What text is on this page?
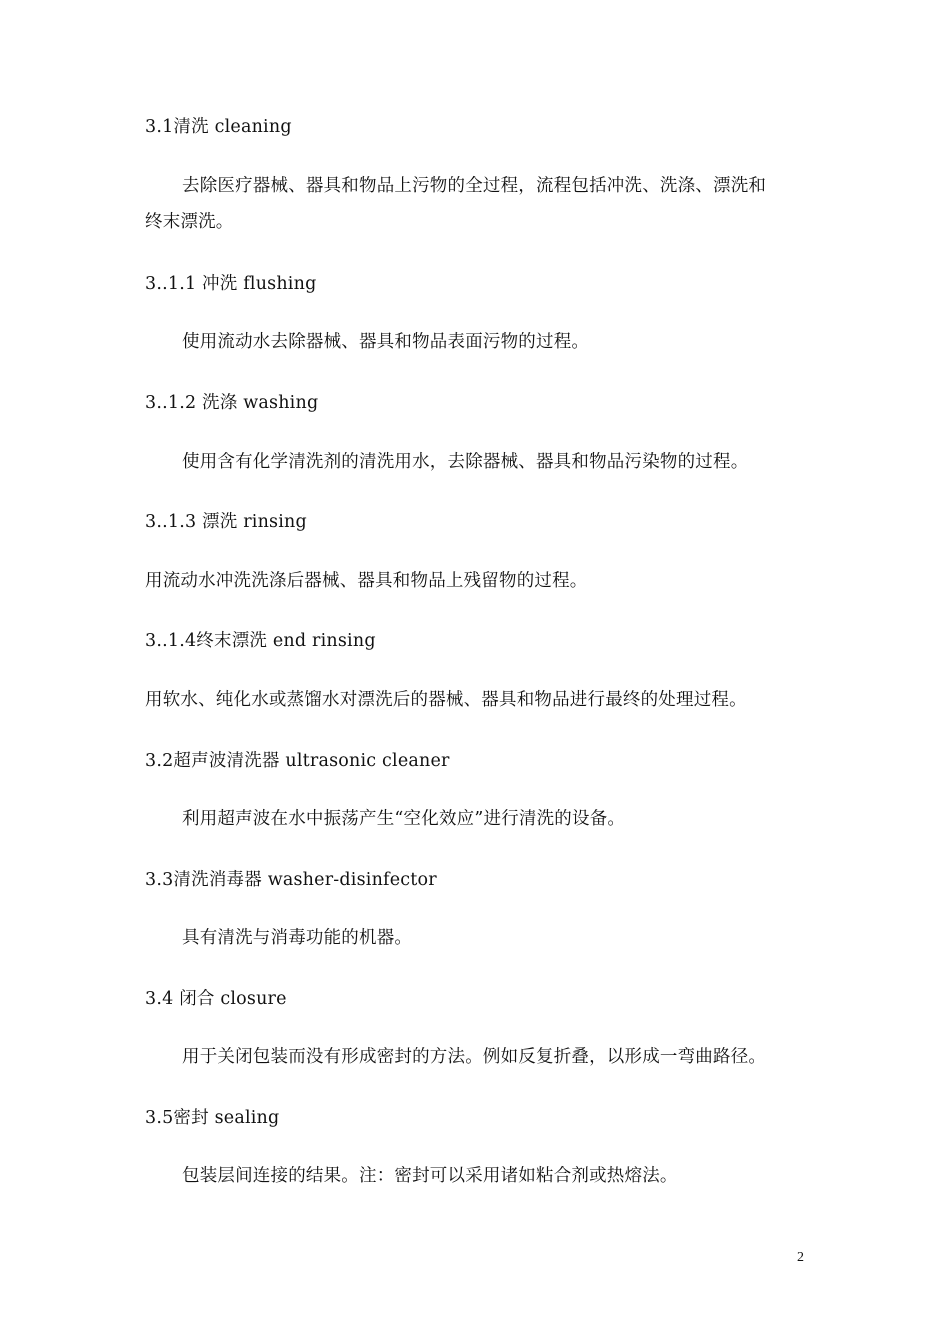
3.1清洗 cleaning
去除医疗器械、器具和物品上污物的全过程，流程包括冲洗、洗涤、漂洗和
终末漂洗。
3..1.1 冲洗 flushing
使用流动水去除器械、器具和物品表面污物的过程。
3..1.2 洗涤 washing
使用含有化学清洗剂的清洗用水，去除器械、器具和物品污染物的过程。
3..1.3 漂洗 rinsing
用流动水冲洗洗涤后器械、器具和物品上残留物的过程。
3..1.4终末漂洗 end rinsing
用软水、纯化水或蒸馏水对漂洗后的器械、器具和物品进行最终的处理过程。
3.2超声波清洗器 ultrasonic cleaner
利用超声波在水中振荡产生“空化效应”进行清洗的设备。
3.3清洗消毒器 washer-disinfector
具有清洗与消毒功能的机器。
3.4 闭合 closure
用于关闭包装而没有形成密封的方法。例如反复折叠，以形成一弯曲路径。
3.5密封 sealing
包装层间连接的结果。注：密封可以采用诸如粘合剂或热熔法。
2
